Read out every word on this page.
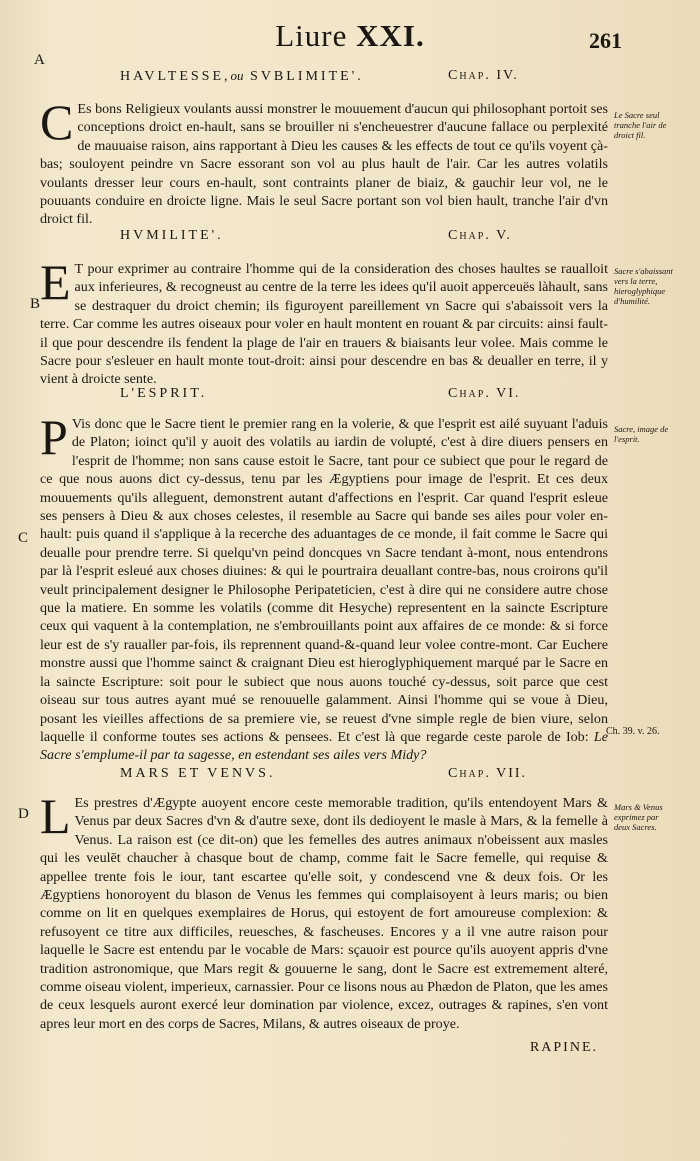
Liure XXI.	261
A
B
C
D
HAVLTESSE,ou SVBLIMITE'.	Chap. IV.
C Es bons Religieux voulants aussi monstrer le mouuement d'aucun qui philosophant portoit ses conceptions droict en-hault, sans se brouiller ni s'encheuestrer d'aucune fallace ou perplexité de mauuaise raison, ains rapportant à Dieu les causes & les effects de tout ce qu'ils voyent çà-bas; souloyent peindre vn Sacre essorant son vol au plus hault de l'air. Car les autres volatils voulants dresser leur cours en-hault, sont contraints planer de biaiz, & gauchir leur vol, ne le pouuants conduire en droicte ligne. Mais le seul Sacre portant son vol bien hault, tranche l'air d'vn droict fil.
Le Sacre seul tranche l'air de droict fil.
HVMILITE'.	Chap. V.
E T pour exprimer au contraire l'homme qui de la consideration des choses haultes se raualloit aux inferieures, & recogneust au centre de la terre les idees qu'il auoit apperceuës làhault, sans se destraquer du droict chemin; ils figuroyent pareillement vn Sacre qui s'abaissoit vers la terre. Car comme les autres oiseaux pour voler en hault montent en rouant & par circuits: ainsi fault-il que pour descendre ils fendent la plage de l'air en trauers & biaisants leur volee. Mais comme le Sacre pour s'esleuer en hault monte tout-droit: ainsi pour descendre en bas & deualler en terre, il y vient à droicte sente.
Sacre s'abaissant vers la terre, hieroglyphique d'humilité.
L'ESPRIT.	Chap. VI.
P Vis donc que le Sacre tient le premier rang en la volerie, & que l'esprit est ailé suyuant l'aduis de Platon; ioinct qu'il y auoit des volatils au iardin de volupté, c'est à dire diuers pensers en l'esprit de l'homme; non sans cause estoit le Sacre, tant pour ce subiect que pour le regard de ce que nous auons dict cy-dessus, tenu par les Ægyptiens pour image de l'esprit. Et ces deux mouuements qu'ils alleguent, demonstrent autant d'affections en l'esprit. Car quand l'esprit esleue ses pensers à Dieu & aux choses celestes, il resemble au Sacre qui bande ses ailes pour voler en-hault: puis quand il s'applique à la recerche des aduantages de ce monde, il fait comme le Sacre qui deualle pour prendre terre. Si quelqu'vn peind doncques vn Sacre tendant à-mont, nous entendrons par là l'esprit esleué aux choses diuines: & qui le pourtrairа deuallant contre-bas, nous croirons qu'il veult principalement designer le Philosophe Peripateticien, c'est à dire qui ne considere autre chose que la matiere. En somme les volatils (comme dit Hesyche) representent en la saincte Escripture ceux qui vaquent à la contemplation, ne s'embrouillants point aux affaires de ce monde: & si force leur est de s'y raualler par-fois, ils reprennent quand-&-quand leur volee contre-mont. Car Euchere monstre aussi que l'homme sainct & craignant Dieu est hieroglyphiquement marqué par le Sacre en la saincte Escripture: soit pour le subiect que nous auons touché cy-dessus, soit parce que cest oiseau sur tous autres ayant mué se renouuelle galamment. Ainsi l'homme qui se voue à Dieu, posant les vieilles affections de sa premiere vie, se reuest d'vne simple regle de bien viure, selon laquelle il conforme toutes ses actions & pensees. Et c'est là que regarde ceste parole de Iob: Le Sacre s'emplume-il par ta sagesse, en estendant ses ailes vers Midy?
Sacre, image de l'esprit.
Ch. 39. v. 26.
MARS ET VENVS.	Chap. VII.
L Es prestres d'Ægypte auoyent encore ceste memorable tradition, qu'ils entendoyent Mars & Venus par deux Sacres d'vn & d'autre sexe, dont ils dedioyent le masle à Mars, & la femelle à Venus. La raison est (ce dit-on) que les femelles des autres animaux n'obeissent aux masles qui les veulēt chaucher à chasque bout de champ, comme fait le Sacre femelle, qui requise & appellee trente fois le iour, tant escartee qu'elle soit, y condescend vne & deux fois. Or les Ægyptiens honoroyent du blason de Venus les femmes qui complaisoyent à leurs maris; ou bien comme on lit en quelques exemplaires de Horus, qui estoyent de fort amoureuse complexion: & refusoyent ce titre aux difficiles, reuesches, & fascheuses. Encores y a il vne autre raison pour laquelle le Sacre est entendu par le vocable de Mars: sçauoir est pource qu'ils auoyent appris d'vne tradition astronomique, que Mars regit & gouuerne le sang, dont le Sacre est extremement alteré, comme oiseau violent, imperieux, carnassier. Pour ce lisons nous au Phædon de Platon, que les ames de ceux lesquels auront exercé leur domination par violence, excez, outrages & rapines, s'en vont apres leur mort en des corps de Sacres, Milans, & autres oiseaux de proye.
Mars & Venus exprimez par deux Sacres.
RAPINE.
